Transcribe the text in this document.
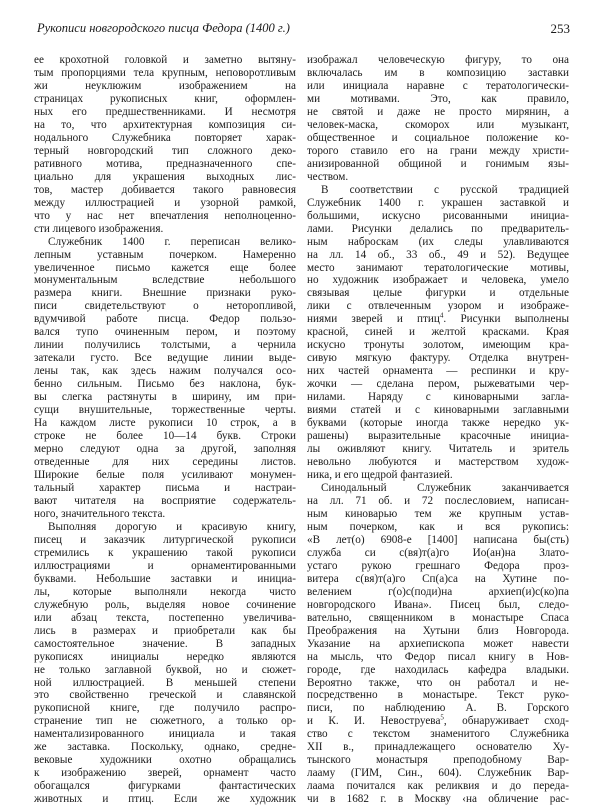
Рукописи новгородского писца Федора (1400 г.)	253
ее крохотной головкой и заметно вытяну-
тым пропорциями тела крупным, неповоротливым
жи неуклюжим изображением на
страницах рукописных книг, оформлен-
ных его предшественниками. И несмотря
на то, что архитектурная композиция си-
нодального Служебника повторяет харак-
терный новгородский тип сложного деко-
ративного мотива, предназначенного спе-
циально для украшения выходных лис-
тов, мастер добивается такого равновесия
между иллюстрацией и узорной рамкой,
что у нас нет впечатления неполноценно-
сти лицевого изображения.
Служебник 1400 г. переписан велико-
лепным уставным почерком. Намеренно
увеличенное письмо кажется еще более
монументальным вследствие небольшого
размера книги. Внешние признаки руко-
писи свидетельствуют о неторопливой,
вдумчивой работе писца. Федор пользо-
вался тупо очиненным пером, и поэтому
линии получились толстыми, а чернила
затекали густо. Все ведущие линии выде-
лены так, как здесь нажим получался осо-
бенно сильным. Письмо без наклона, бук-
вы слегка растянуты в ширину, им при-
сущи внушительные, торжественные черты.
На каждом листе рукописи 10 строк, а в
строке не более 10—14 букв. Строки
мерно следуют одна за другой, заполняя
отведенные для них середины листов.
Широкие белые поля усиливают монумен-
тальный характер письма и настраи-
вают читателя на восприятие содержатель-
ного, значительного текста.
Выполняя дорогую и красивую книгу,
писец и заказчик литургической рукописи
стремились к украшению такой рукописи
иллюстрациями и орнаментированными
буквами. Небольшие заставки и инициа-
лы, которые выполняли некогда чисто
служебную роль, выделяя новое сочинение
или абзац текста, постепенно увеличива-
лись в размерах и приобретали как бы
самостоятельное значение. В западных
рукописях инициалы нередко являются
не только заглавной буквой, но и сюжет-
ной иллюстрацией. В меньшей степени
это свойственно греческой и славянской
рукописной книге, где получило распро-
странение тип не сюжетного, а только ор-
наментализированного инициала и такая
же заставка. Поскольку, однако, средне-
вековые художники охотно обращались
к изображению зверей, орнамент часто
обогащался фигурками фантастических
животных и птиц. Если же художник
изображал человеческую фигуру, то она
включалась им в композицию заставки
или инициала наравне с тератологически-
ми мотивами. Это, как правило,
не святой и даже не просто мирянин, а
человек-маска, скоморох или музыкант,
общественное и социальное положение ко-
торого ставило его на грани между христи-
анизированной общиной и гонимым язы-
чеством.
В соответствии с русской традицией
Служебник 1400 г. украшен заставкой и
большими, искусно рисованными инициа-
лами. Рисунки делались по предваритель-
ным наброскам (их следы улавливаются
на лл. 14 об., 33 об., 49 и 52). Ведущее
место занимают тератологические мотивы,
но художник изображает и человека, умело
связывая целые фигурки и отдельные
лики с отвлеченным узором и изображе-
ниями зверей и птиц$^4$. Рисунки выполнены
красной, синей и желтой красками. Края
искусно тронуты золотом, имеющим кра-
сивую мягкую фактуру. Отделка внутрен-
них частей орнамента — респинки и кру-
жочки — сделана пером, рыжеватыми чер-
нилами. Наряду с киноварными загла-
виями статей и с киноварными заглавными
буквами (которые иногда также нередко ук-
рашены) выразительные красочные инициа-
лы оживляют книгу. Читатель и зритель
невольно любуются и мастерством худож-
ника, и его щедрой фантазией.
Синодальный Служебник заканчивается
на лл. 71 об. и 72 послесловием, написан-
ным киноварью тем же крупным устав-
ным почерком, как и вся рукопись:
«В лет(о) 6908-е [1400] написана бы(сть)
служба си с(вя)т(а)го Ио(ан)на Злато-
устаго рукою грешнаго Федора проз-
витера с(вя)т(а)го Сп(а)са на Хутине по-
велением г(о)с(поди)на архиеп(и)с(ко)па
новгородского Ивана». Писец был, следо-
вательно, священником в монастыре Спаса
Преображения на Хутыни близ Новгорода.
Указание на архиепископа может навести
на мысль, что Федор писал книгу в Нов-
городе, где находилась кафедра владыки.
Вероятно также, что он работал и не-
посредственно в монастыре. Текст руко-
писи, по наблюдению А. В. Горского
и К. И. Невоструева$^5$, обнаруживает сход-
ство с текстом знаменитого Служебника
XII в., принадлежащего основателю Ху-
тынского монастыря преподобному Вар-
лааму (ГИМ, Син., 604). Служебник Вар-
лаама почитался как реликвия и до переда-
чи в 1682 г. в Москву ‹на обличение рас-
